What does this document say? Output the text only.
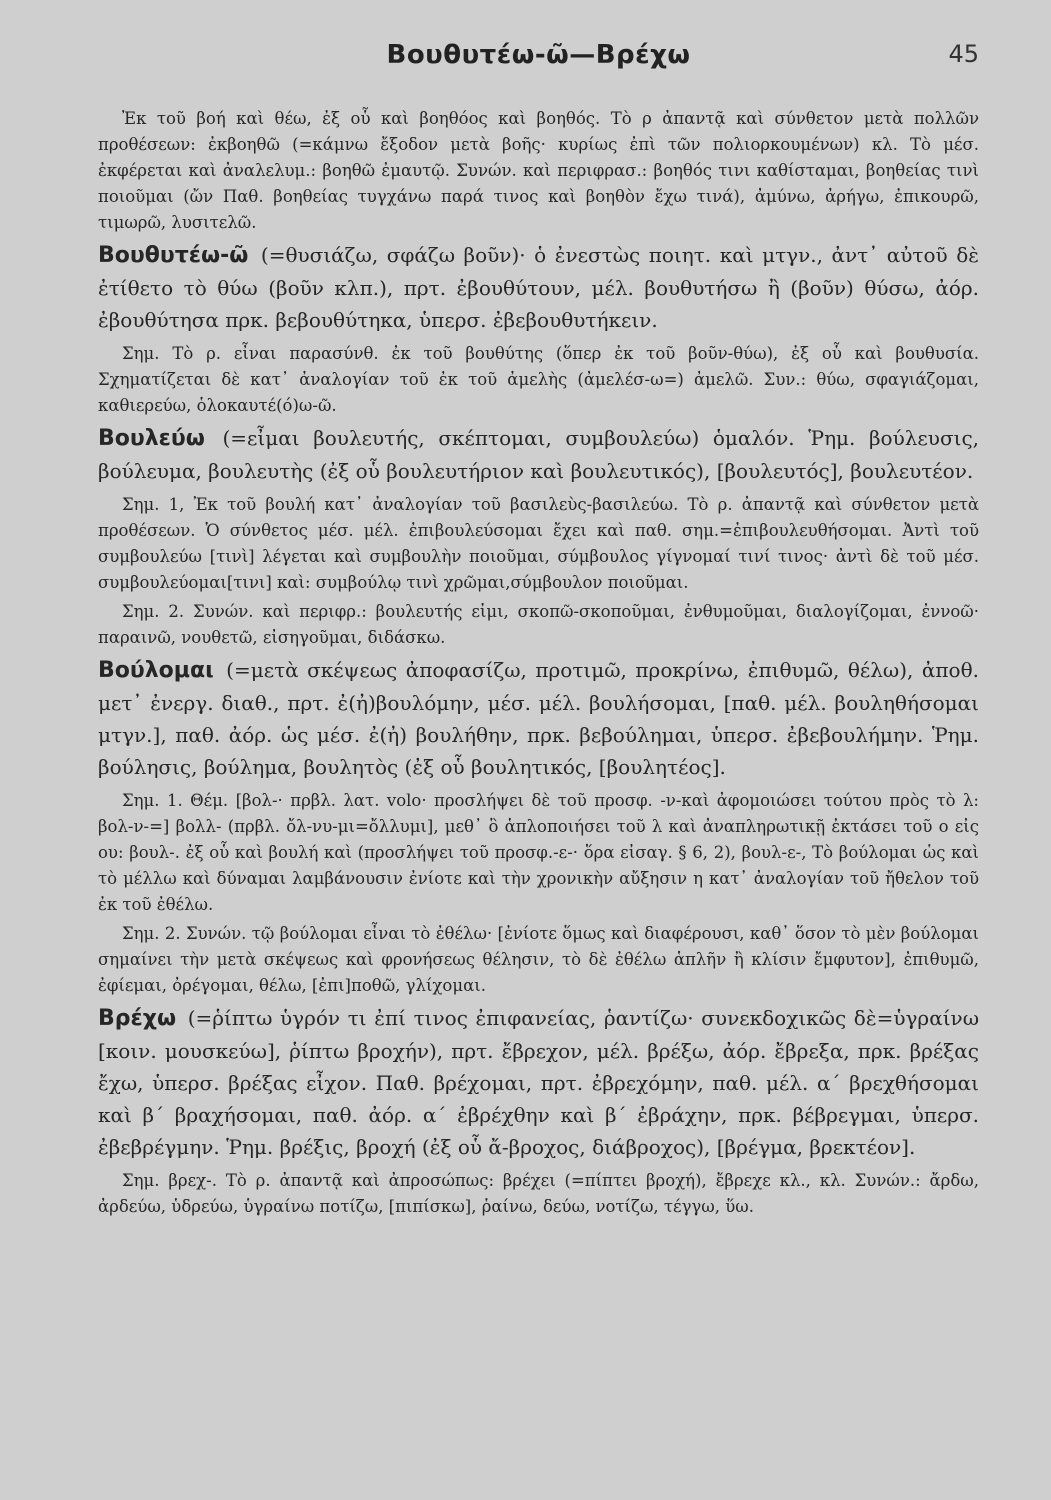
Βουθυτέω-ῶ—Βρέχω	45

Ἐκ τοῦ βοή καὶ θέω, ἐξ οὗ καὶ βοηθόος καὶ βοηθός. Τὸ ρ ἀπαντᾷ καὶ σύνθετον μετὰ πολλῶν προθέσεων: ἐκβοηθῶ (=κάμνω ἔξοδον μετὰ βοῆς· κυρίως ἐπὶ τῶν πολιορκουμένων) κλ. Τὸ μέσ. ἐκφέρεται καὶ ἀναλελυμ.: βοηθῶ ἐμαυτῷ. Συνών. καὶ περιφρασ.: βοηθός τινι καθίσταμαι, βοηθείας τινὶ ποιοῦμαι (ὤν Παθ. βοηθείας τυγχάνω παρά τινος καὶ βοηθὸν ἔχω τινά), ἀμύνω, ἀρήγω, ἐπικουρῶ, τιμωρῶ, λυσιτελῶ.

Βουθυτέω-ῶ (=θυσιάζω, σφάζω βοῦν)· ὁ ἐνεστὼς ποιητ. καὶ μτγν., ἀντ᾽ αὐτοῦ δὲ ἐτίθετο τὸ θύω (βοῦν κλπ.), πρτ. ἐβουθύτουν, μέλ. βουθυτήσω ἢ (βοῦν) θύσω, ἀόρ. ἐβουθύτησα πρκ. βεβουθύτηκα, ὑπερσ. ἐβεβουθυτήκειν.

Σημ. Τὸ ρ. εἶναι παρασύνθ. ἐκ τοῦ βουθύτης (ὅπερ ἐκ τοῦ βοῦν-θύω), ἐξ οὗ καὶ βουθυσία. Σχηματίζεται δὲ κατ᾽ ἀναλογίαν τοῦ ἐκ τοῦ ἀμελὴς (ἀμελέσ-ω=) ἀμελῶ. Συν.: θύω, σφαγιάζομαι, καθιερεύω, ὁλοκαυτέ(ό)ω-ῶ.

Βουλεύω (=εἶμαι βουλευτής, σκέπτομαι, συμβουλεύω) ὁμαλόν. Ῥημ. βούλευσις, βούλευμα, βουλευτὴς (ἐξ οὗ βουλευτήριον καὶ βουλευτικός), [βουλευτός], βουλευτέον.

Σημ. 1, Ἐκ τοῦ βουλή κατ᾽ ἀναλογίαν τοῦ βασιλεὺς-βασιλεύω. Τὸ ρ. ἀπαντᾷ καὶ σύνθετον μετὰ προθέσεων. Ὁ σύνθετος μέσ. μέλ. ἐπιβουλεύσομαι ἔχει καὶ παθ. σημ.=ἐπιβουλευθήσομαι. Ἀντὶ τοῦ συμβουλεύω [τινὶ] λέγεται καὶ συμβουλὴν ποιοῦμαι, σύμβουλος γίγνομαί τινί τινος· ἀντὶ δὲ τοῦ μέσ. συμβουλεύομαι[τινι] καὶ: συμβούλῳ τινὶ χρῶμαι,σύμβουλον ποιοῦμαι.

Σημ. 2. Συνών. καὶ περιφρ.: βουλευτής εἰμι, σκοπῶ-σκοποῦμαι, ἐνθυμοῦμαι, διαλογίζομαι, ἐννοῶ· παραινῶ, νουθετῶ, εἰσηγοῦμαι, διδάσκω.

Βούλομαι (=μετὰ σκέψεως ἀποφασίζω, προτιμῶ, προκρίνω, ἐπιθυμῶ, θέλω), ἀποθ. μετ᾽ ἐνεργ. διαθ., πρτ. ἐ(ἠ)βουλόμην, μέσ. μέλ. βουλήσομαι, [παθ. μέλ. βουληθήσομαι μτγν.], παθ. ἀόρ. ὡς μέσ. ἐ(ἠ) βουλήθην, πρκ. βεβούλημαι, ὑπερσ. ἐβεβουλήμην. Ῥημ. βούλησις, βούλημα, βουλητὸς (ἐξ οὗ βουλητικός, [βουλητέος].

Σημ. 1. Θέμ. [βολ-· πρβλ. λατ. volo· προσλήψει δὲ τοῦ προσφ. -ν-καὶ ἀφομοιώσει τούτου πρὸς τὸ λ: βολ-ν-=] βολλ- (πρβλ. ὄλ-νυ-μι=ὄλλυμι], μεθ᾽ ὃ ἁπλοποιήσει τοῦ λ καὶ ἀναπληρωτικῇ ἐκτάσει τοῦ ο εἰς ου: βουλ-. ἐξ οὗ καὶ βουλή καὶ (προσλήψει τοῦ προσφ.-ε-· ὅρα εἰσαγ. § 6, 2), βουλ-ε-, Τὸ βούλομαι ὡς καὶ τὸ μέλλω καὶ δύναμαι λαμβάνουσιν ἐνίοτε καὶ τὴν χρονικὴν αὔξησιν η κατ᾽ ἀναλογίαν τοῦ ἤθελον τοῦ ἐκ τοῦ ἐθέλω.

Σημ. 2. Συνών. τῷ βούλομαι εἶναι τὸ ἐθέλω· [ἐνίοτε ὅμως καὶ διαφέρουσι, καθ᾽ ὅσον τὸ μὲν βούλομαι σημαίνει τὴν μετὰ σκέψεως καὶ φρονήσεως θέλησιν, τὸ δὲ ἐθέλω ἁπλῆν ἢ κλίσιν ἔμφυτον], ἐπιθυμῶ, ἐφίεμαι, ὀρέγομαι, θέλω, [ἐπι]ποθῶ, γλίχομαι.

Βρέχω (=ῥίπτω ὑγρόν τι ἐπί τινος ἐπιφανείας, ῥαντίζω· συνεκδοχικῶς δὲ=ὑγραίνω [κοιν. μουσκεύω], ῥίπτω βροχήν), πρτ. ἔβρεχον, μέλ. βρέξω, ἀόρ. ἔβρεξα, πρκ. βρέξας ἔχω, ὑπερσ. βρέξας εἶχον. Παθ. βρέχομαι, πρτ. ἐβρεχόμην, παθ. μέλ. α΄ βρεχθήσομαι καὶ β΄ βραχήσομαι, παθ. ἀόρ. α΄ ἐβρέχθην καὶ β΄ ἐβράχην, πρκ. βέβρεγμαι, ὑπερσ. ἐβεβρέγμην. Ῥημ. βρέξις, βροχή (ἐξ οὗ ἄ-βροχος, διάβροχος), [βρέγμα, βρεκτέον].

Σημ. βρεχ-. Τὸ ρ. ἀπαντᾷ καὶ ἀπροσώπως: βρέχει (=πίπτει βροχή), ἔβρεχε κλ., κλ. Συνών.: ἄρδω, ἀρδεύω, ὑδρεύω, ὑγραίνω ποτίζω, [πιπίσκω], ῥαίνω, δεύω, νοτίζω, τέγγω, ὕω.
